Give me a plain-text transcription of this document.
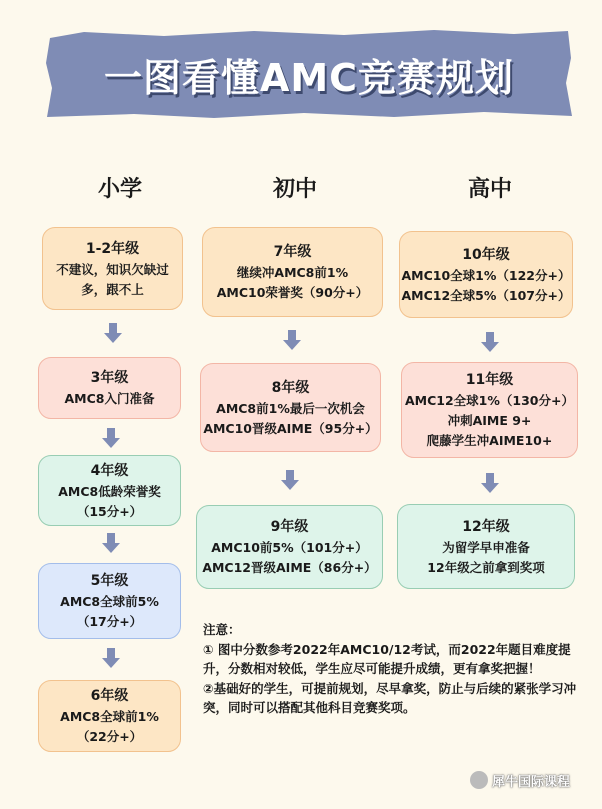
一图看懂AMC竞赛规划
小学	初中	高中
1-2年级
不建议，知识欠缺过
多，跟不上
3年级
AMC8入门准备
4年级
AMC8低龄荣誉奖
（15分+）
5年级
AMC8全球前5%
（17分+）
6年级
AMC8全球前1%
（22分+）
7年级
继续冲AMC8前1%
AMC10荣誉奖（90分+）
8年级
AMC8前1%最后一次机会
AMC10晋级AIME（95分+）
9年级
AMC10前5%（101分+）
AMC12晋级AIME（86分+）
10年级
AMC10全球1%（122分+）
AMC12全球5%（107分+）
11年级
AMC12全球1%（130分+）
冲刺AIME 9+
爬藤学生冲AIME10+
12年级
为留学早申准备
12年级之前拿到奖项

注意：

① 图中分数参考2022年AMC10/12考试，而2022年题目难度提升，分数相对较低，学生应尽可能提升成绩，更有拿奖把握！

②基础好的学生，可提前规划，尽早拿奖，防止与后续的紧张学习冲突，同时可以搭配其他科目竞赛奖项。

犀牛国际课程
